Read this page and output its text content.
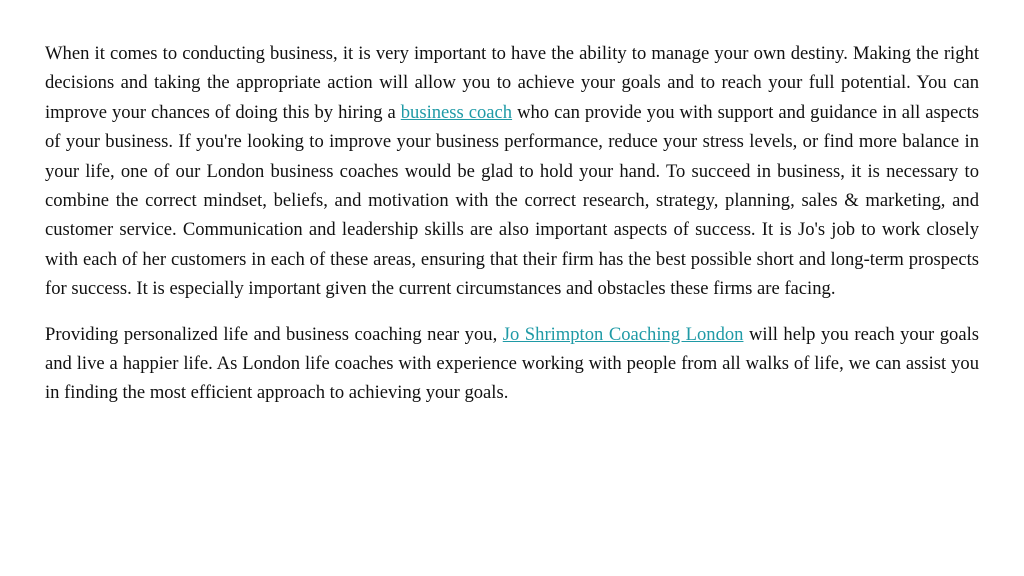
When it comes to conducting business, it is very important to have the ability to manage your own destiny. Making the right decisions and taking the appropriate action will allow you to achieve your goals and to reach your full potential. You can improve your chances of doing this by hiring a business coach who can provide you with support and guidance in all aspects of your business. If you're looking to improve your business performance, reduce your stress levels, or find more balance in your life, one of our London business coaches would be glad to hold your hand. To succeed in business, it is necessary to combine the correct mindset, beliefs, and motivation with the correct research, strategy, planning, sales & marketing, and customer service. Communication and leadership skills are also important aspects of success. It is Jo's job to work closely with each of her customers in each of these areas, ensuring that their firm has the best possible short and long-term prospects for success. It is especially important given the current circumstances and obstacles these firms are facing.

Providing personalized life and business coaching near you, Jo Shrimpton Coaching London will help you reach your goals and live a happier life. As London life coaches with experience working with people from all walks of life, we can assist you in finding the most efficient approach to achieving your goals.
